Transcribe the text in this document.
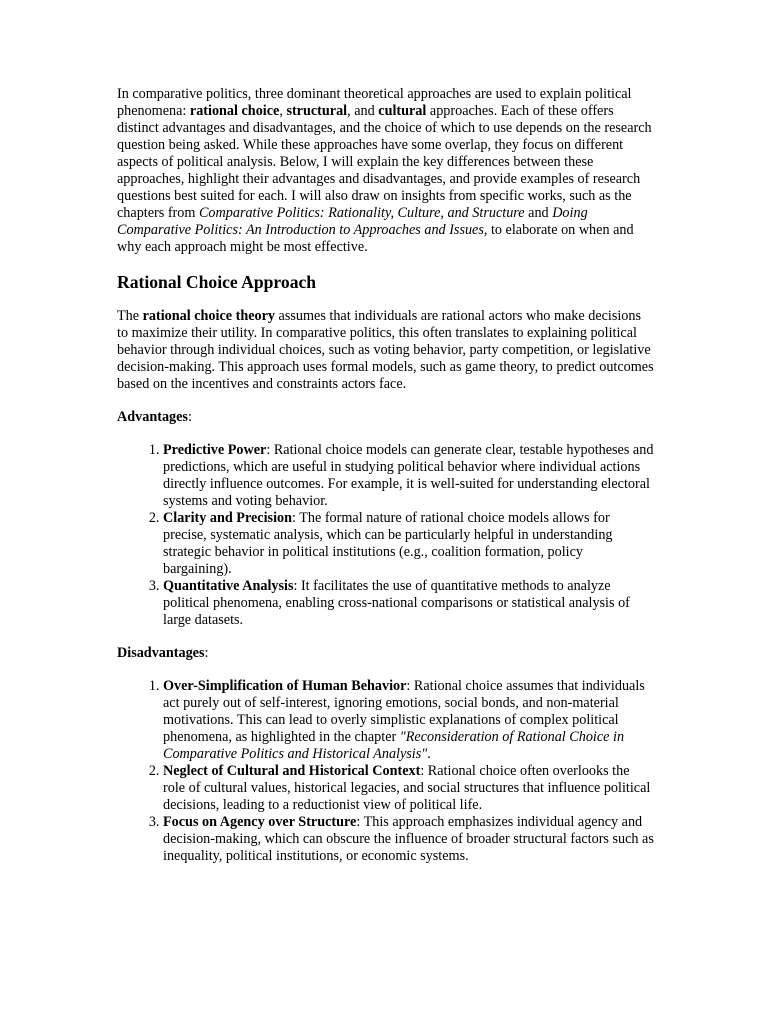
In comparative politics, three dominant theoretical approaches are used to explain political phenomena: rational choice, structural, and cultural approaches. Each of these offers distinct advantages and disadvantages, and the choice of which to use depends on the research question being asked. While these approaches have some overlap, they focus on different aspects of political analysis. Below, I will explain the key differences between these approaches, highlight their advantages and disadvantages, and provide examples of research questions best suited for each. I will also draw on insights from specific works, such as the chapters from Comparative Politics: Rationality, Culture, and Structure and Doing Comparative Politics: An Introduction to Approaches and Issues, to elaborate on when and why each approach might be most effective.

Rational Choice Approach

The rational choice theory assumes that individuals are rational actors who make decisions to maximize their utility. In comparative politics, this often translates to explaining political behavior through individual choices, such as voting behavior, party competition, or legislative decision-making. This approach uses formal models, such as game theory, to predict outcomes based on the incentives and constraints actors face.

Advantages:

1. Predictive Power: Rational choice models can generate clear, testable hypotheses and predictions, which are useful in studying political behavior where individual actions directly influence outcomes. For example, it is well-suited for understanding electoral systems and voting behavior.
2. Clarity and Precision: The formal nature of rational choice models allows for precise, systematic analysis, which can be particularly helpful in understanding strategic behavior in political institutions (e.g., coalition formation, policy bargaining).
3. Quantitative Analysis: It facilitates the use of quantitative methods to analyze political phenomena, enabling cross-national comparisons or statistical analysis of large datasets.

Disadvantages:

1. Over-Simplification of Human Behavior: Rational choice assumes that individuals act purely out of self-interest, ignoring emotions, social bonds, and non-material motivations. This can lead to overly simplistic explanations of complex political phenomena, as highlighted in the chapter "Reconsideration of Rational Choice in Comparative Politics and Historical Analysis".
2. Neglect of Cultural and Historical Context: Rational choice often overlooks the role of cultural values, historical legacies, and social structures that influence political decisions, leading to a reductionist view of political life.
3. Focus on Agency over Structure: This approach emphasizes individual agency and decision-making, which can obscure the influence of broader structural factors such as inequality, political institutions, or economic systems.
